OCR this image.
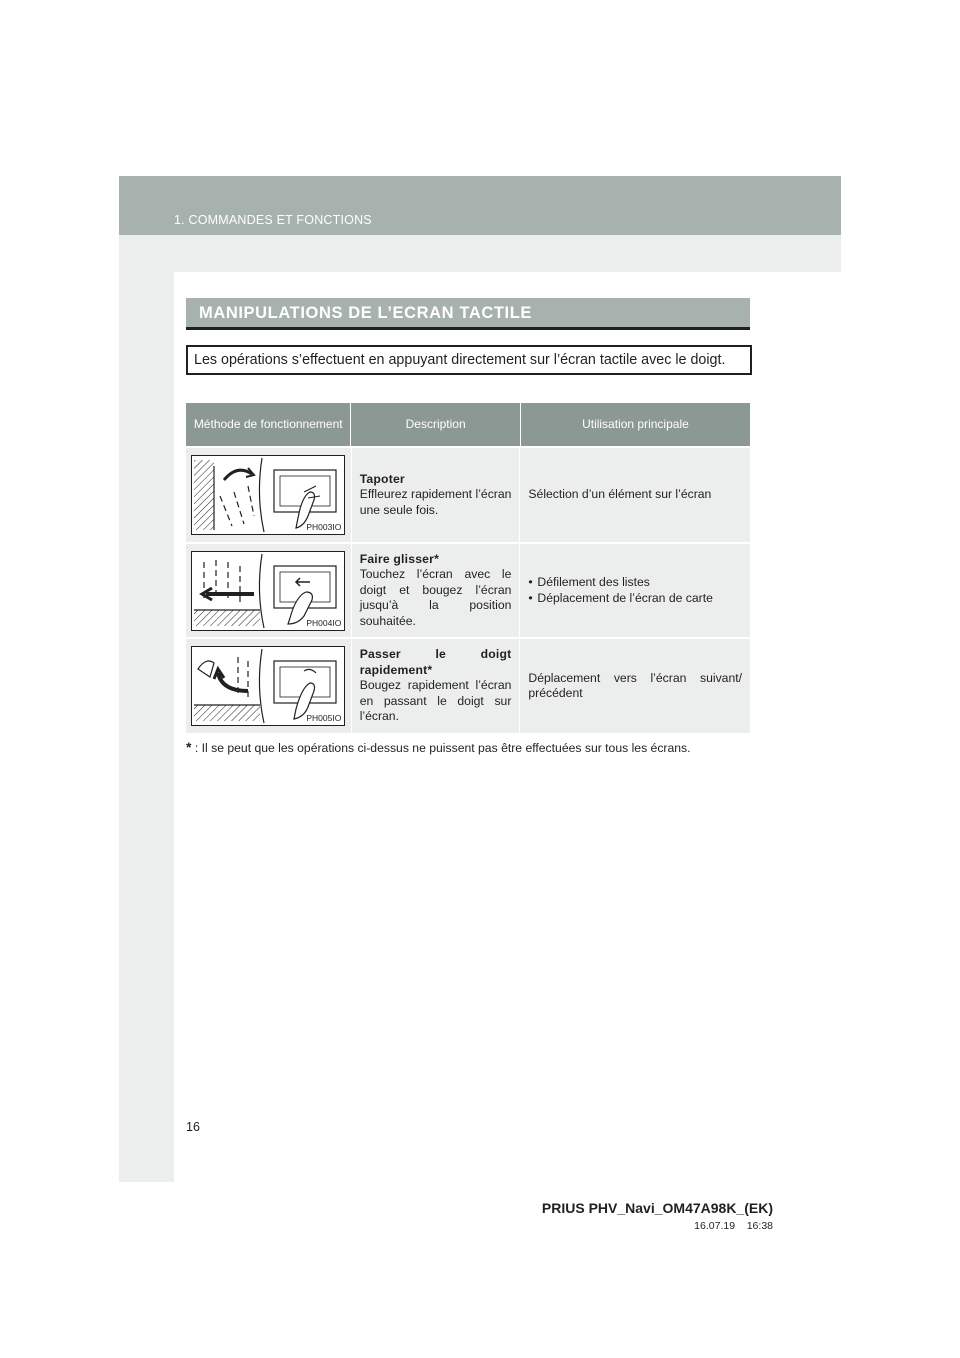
1. COMMANDES ET FONCTIONS
MANIPULATIONS DE L’ECRAN TACTILE
Les opérations s’effectuent en appuyant directement sur l’écran tactile avec le doigt.
Méthode de fonctionnement	Description	Utilisation principale
PH003IO
Tapoter
Effleurez rapidement l’écran une seule fois.
Sélection d’un élément sur l’écran
PH004IO
Faire glisser*
Touchez l’écran avec le doigt et bougez l’écran jusqu’à la position souhaitée.
• Défilement des listes
• Déplacement de l’écran de carte
PH005IO
Passer le doigt rapidement*
Bougez rapidement l’écran en passant le doigt sur l’écran.
Déplacement vers l’écran suivant/ précédent
* : Il se peut que les opérations ci-dessus ne puissent pas être effectuées sur tous les écrans.
16
PRIUS PHV_Navi_OM47A98K_(EK)
16.07.19 16:38
